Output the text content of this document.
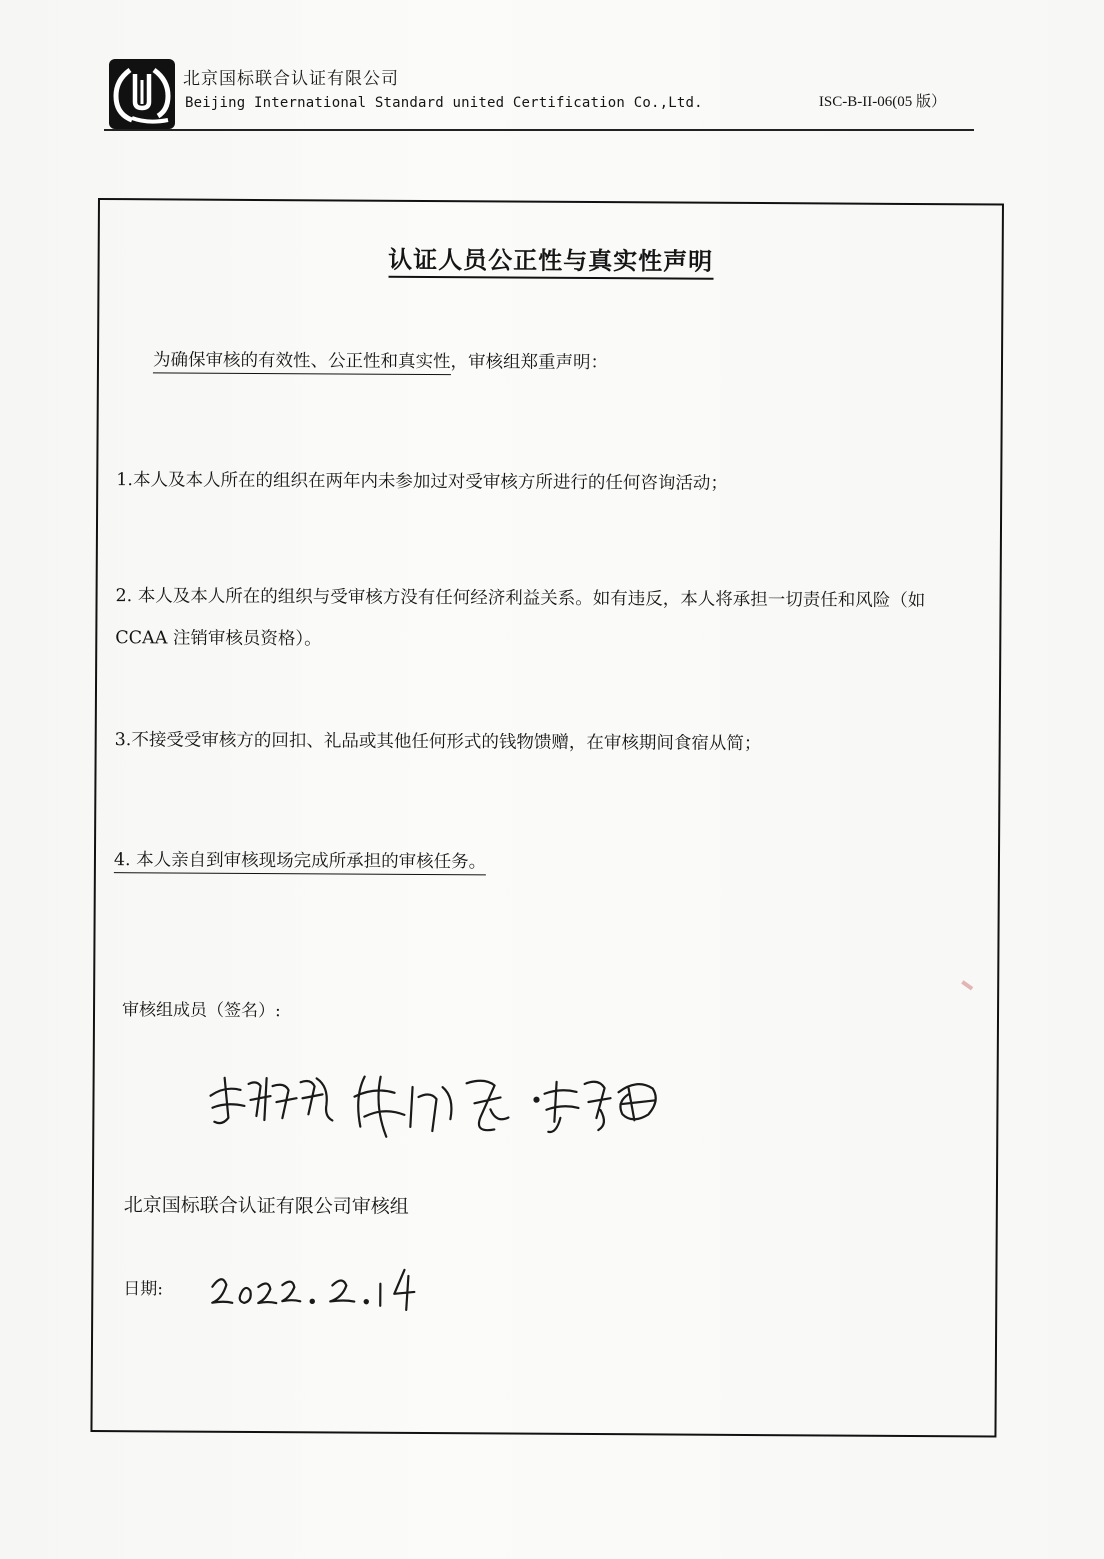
北京国标联合认证有限公司
Beijing International Standard united Certification Co.,Ltd.	ISC-B-II-06(05 版）
认证人员公正性与真实性声明
为确保审核的有效性、公正性和真实性，审核组郑重声明：
1.本人及本人所在的组织在两年内未参加过对受审核方所进行的任何咨询活动；
2. 本人及本人所在的组织与受审核方没有任何经济利益关系。如有违反，本人将承担一切责任和风险（如 CCAA 注销审核员资格）。
3.不接受受审核方的回扣、礼品或其他任何形式的钱物馈赠，在审核期间食宿从简；
4. 本人亲自到审核现场完成所承担的审核任务。
审核组成员（签名）:
北京国标联合认证有限公司审核组
日期:
